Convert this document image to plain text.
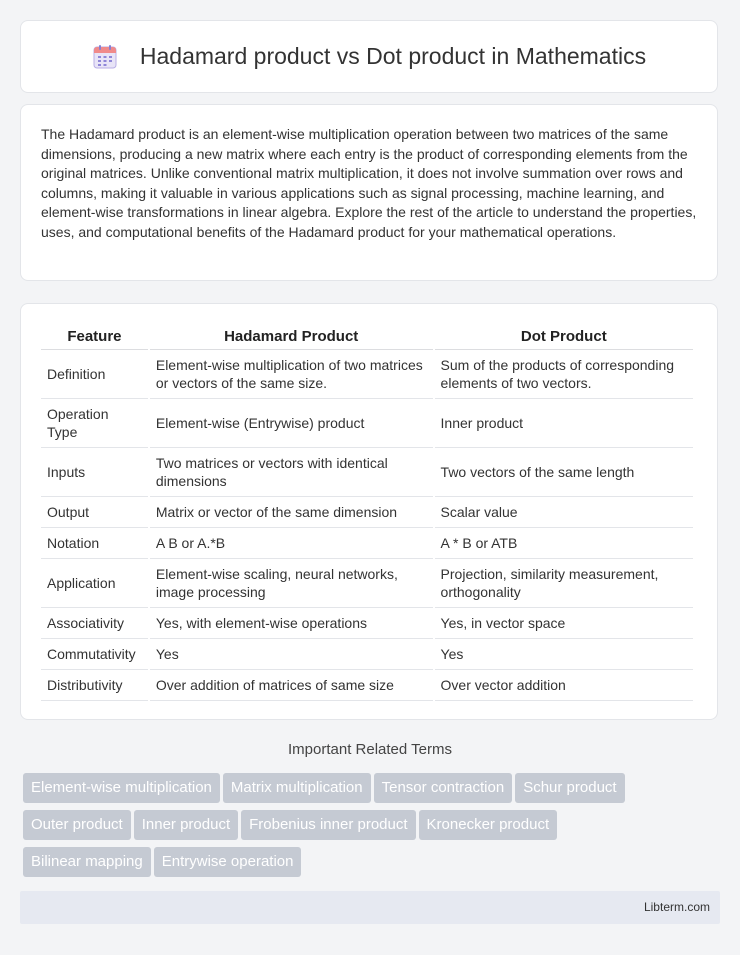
Hadamard product vs Dot product in Mathematics

The Hadamard product is an element-wise multiplication operation between two matrices of the same dimensions, producing a new matrix where each entry is the product of corresponding elements from the original matrices. Unlike conventional matrix multiplication, it does not involve summation over rows and columns, making it valuable in various applications such as signal processing, machine learning, and element-wise transformations in linear algebra. Explore the rest of the article to understand the properties, uses, and computational benefits of the Hadamard product for your mathematical operations.

Feature	Hadamard Product	Dot Product
Definition	Element-wise multiplication of two matrices or vectors of the same size.	Sum of the products of corresponding elements of two vectors.
Operation Type	Element-wise (Entrywise) product	Inner product
Inputs	Two matrices or vectors with identical dimensions	Two vectors of the same length
Output	Matrix or vector of the same dimension	Scalar value
Notation	A B or A.*B	A * B or ATB
Application	Element-wise scaling, neural networks, image processing	Projection, similarity measurement, orthogonality
Associativity	Yes, with element-wise operations	Yes, in vector space
Commutativity	Yes	Yes
Distributivity	Over addition of matrices of same size	Over vector addition
Important Related Terms
Element-wise multiplication Matrix multiplication Tensor contraction Schur product
Outer product Inner product Frobenius inner product Kronecker product
Bilinear mapping Entrywise operation
Libterm.com
